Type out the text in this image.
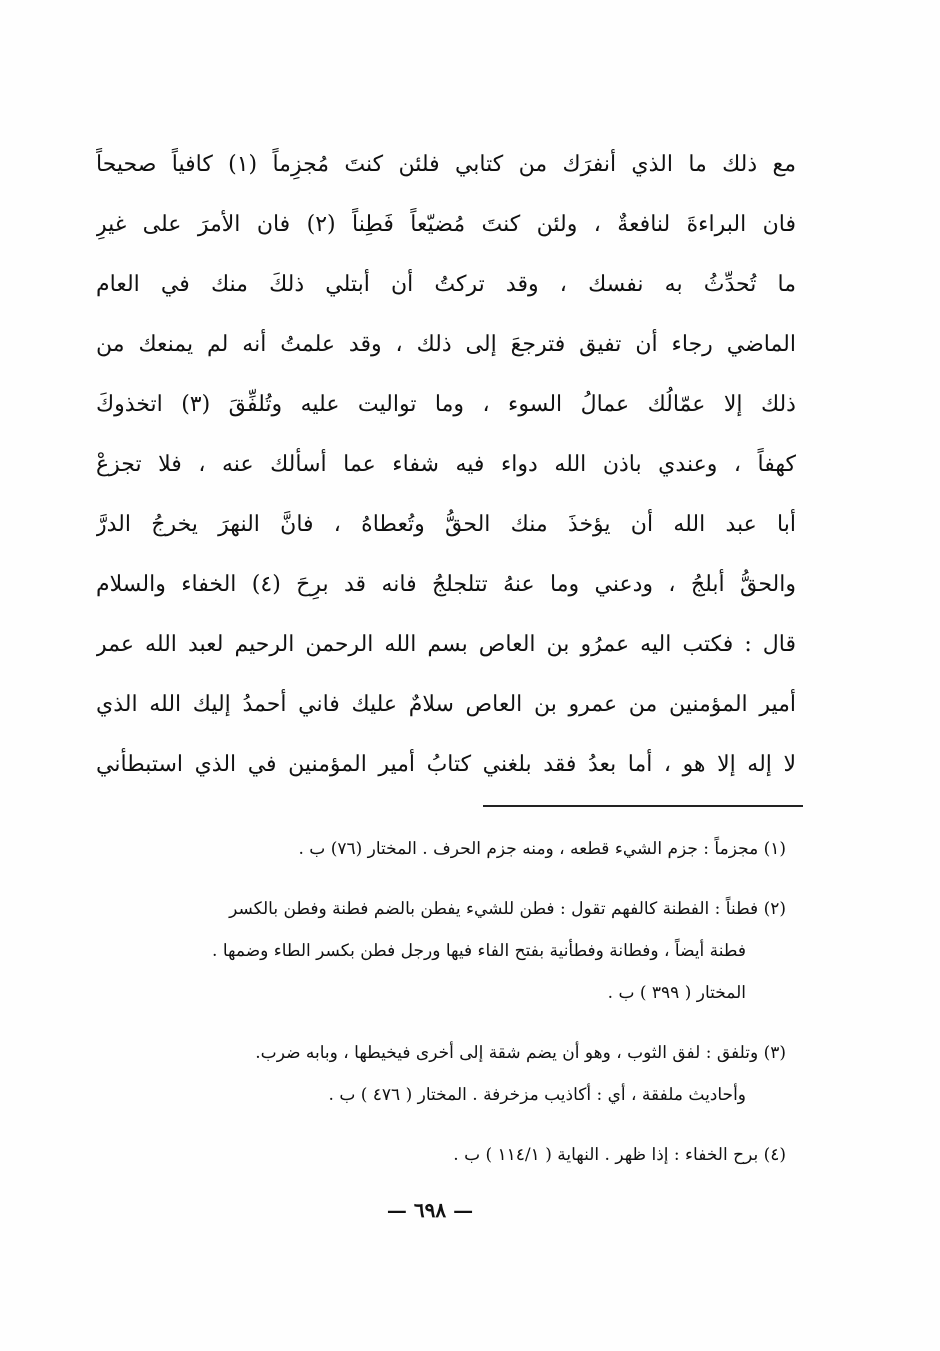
مع ذلك ما الذي أنفرَك من كتابي فلئن كنتَ مُجزِماً (١) كافياً صحيحاً
فان البراءةَ لنافعةٌ ، ولئن كنتَ مُضيّعاً فَطِناً (٢) فان الأمرَ على غيرِ
ما تُحدِّثُ به نفسك ، وقد تركتُ أن أبتلي ذلكَ منك في العام
الماضي رجاء أن تفيق فترجعَ إلى ذلك ، وقد علمتُ أنه لم يمنعك من
ذلك إلا عمّالُك عمالُ السوء ، وما تواليت عليه وتُلفِّقَ (٣) اتخذوكَ
كهفاً ، وعندي باذن الله دواء فيه شفاء عما أسألك عنه ، فلا تجزعْ
أبا عبد الله أن يؤخذَ منك الحقُّ وتُعطاهُ ، فانَّ النهرَ يخرجُ الدرَّ
والحقُّ أبلجُ ، ودعني وما عنهُ تتلجلجُ فانه قد برِحَ (٤) الخفاء والسلام
قال : فكتب اليه عمرُو بن العاص بسم الله الرحمن الرحيم لعبد الله عمر
أمير المؤمنين من عمرو بن العاص سلامٌ عليك فاني أحمدُ إليك الله الذي
لا إله إلا هو ، أما بعدُ فقد بلغني كتابُ أمير المؤمنين في الذي استبطأني
(١) مجزماً : جزم الشيء قطعه ، ومنه جزم الحرف . المختار (٧٦) ب .
(٢) فطناً : الفطنة كالفهم تقول : فطن للشيء يفطن بالضم فطنة وفطن بالكسر
فطنة أيضاً ، وفطانة وفطأنية بفتح الفاء فيها ورجل فطن بكسر الطاء وضمها .
المختار ( ٣٩٩ ) ب .
(٣) وتلفق : لفق الثوب ، وهو أن يضم شقة إلى أخرى فيخيطها ، وبابه ضرب.
وأحاديث ملفقة ، أي : أكاذيب مزخرفة . المختار ( ٤٧٦ ) ب .
(٤) برح الخفاء : إذا ظهر . النهاية ( ١١٤/١ ) ب .
— ٦٩٨ —
